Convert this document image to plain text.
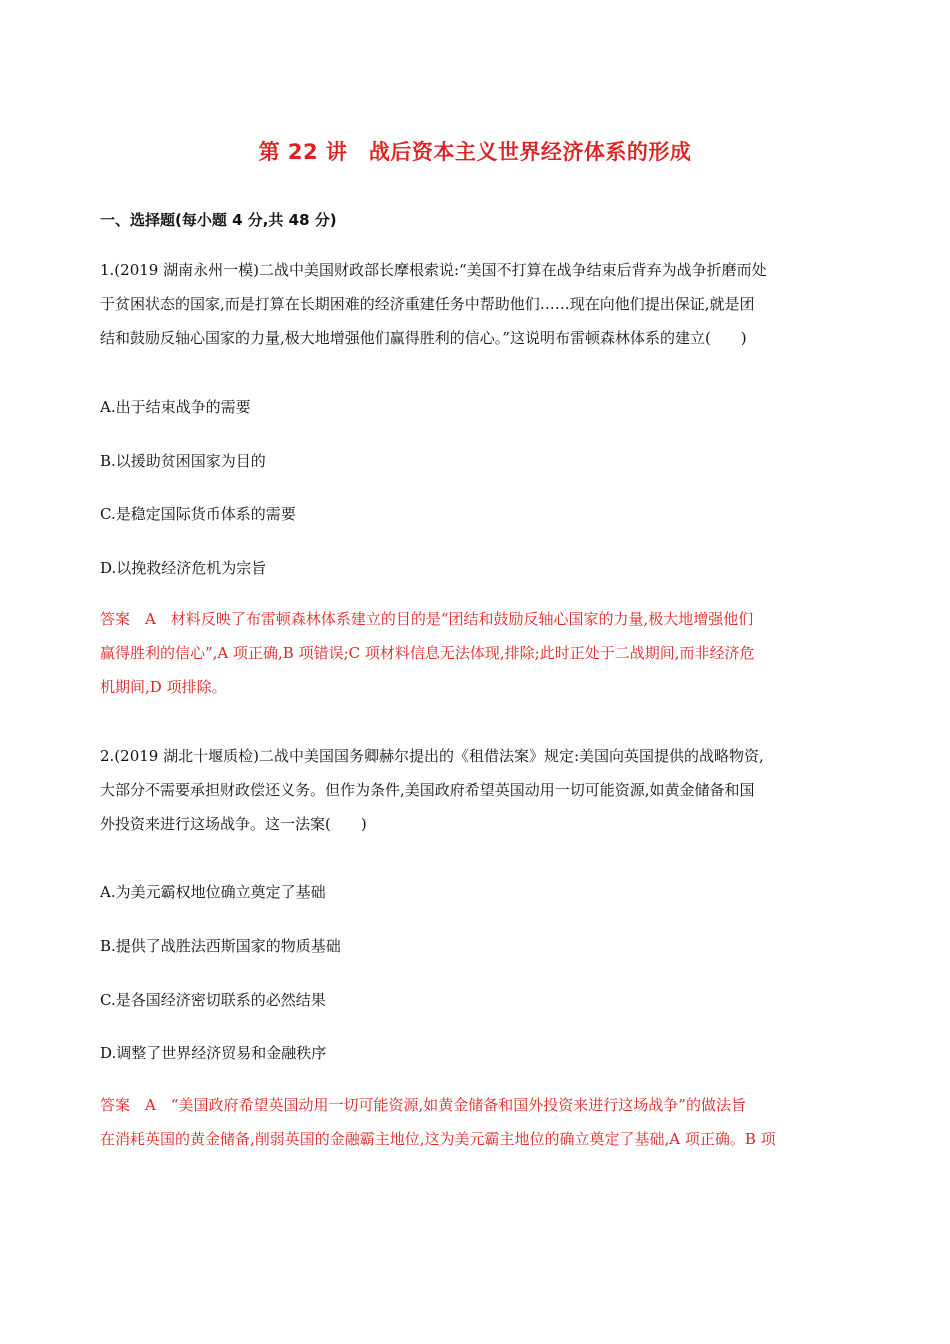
第 22 讲　战后资本主义世界经济体系的形成
一、选择题(每小题 4 分,共 48 分)
1.(2019 湖南永州一模)二战中美国财政部长摩根索说:“美国不打算在战争结束后背弃为战争折磨而处
于贫困状态的国家,而是打算在长期困难的经济重建任务中帮助他们……现在向他们提出保证,就是团
结和鼓励反轴心国家的力量,极大地增强他们赢得胜利的信心。”这说明布雷顿森林体系的建立(　　)
A.出于结束战争的需要
B.以援助贫困国家为目的
C.是稳定国际货币体系的需要
D.以挽救经济危机为宗旨
答案　A　材料反映了布雷顿森林体系建立的目的是“团结和鼓励反轴心国家的力量,极大地增强他们
赢得胜利的信心”,A 项正确,B 项错误;C 项材料信息无法体现,排除;此时正处于二战期间,而非经济危
机期间,D 项排除。
2.(2019 湖北十堰质检)二战中美国国务卿赫尔提出的《租借法案》规定:美国向英国提供的战略物资,
大部分不需要承担财政偿还义务。但作为条件,美国政府希望英国动用一切可能资源,如黄金储备和国
外投资来进行这场战争。这一法案(　　)
A.为美元霸权地位确立奠定了基础
B.提供了战胜法西斯国家的物质基础
C.是各国经济密切联系的必然结果
D.调整了世界经济贸易和金融秩序
答案　A　“美国政府希望英国动用一切可能资源,如黄金储备和国外投资来进行这场战争”的做法旨
在消耗英国的黄金储备,削弱英国的金融霸主地位,这为美元霸主地位的确立奠定了基础,A 项正确。B 项
